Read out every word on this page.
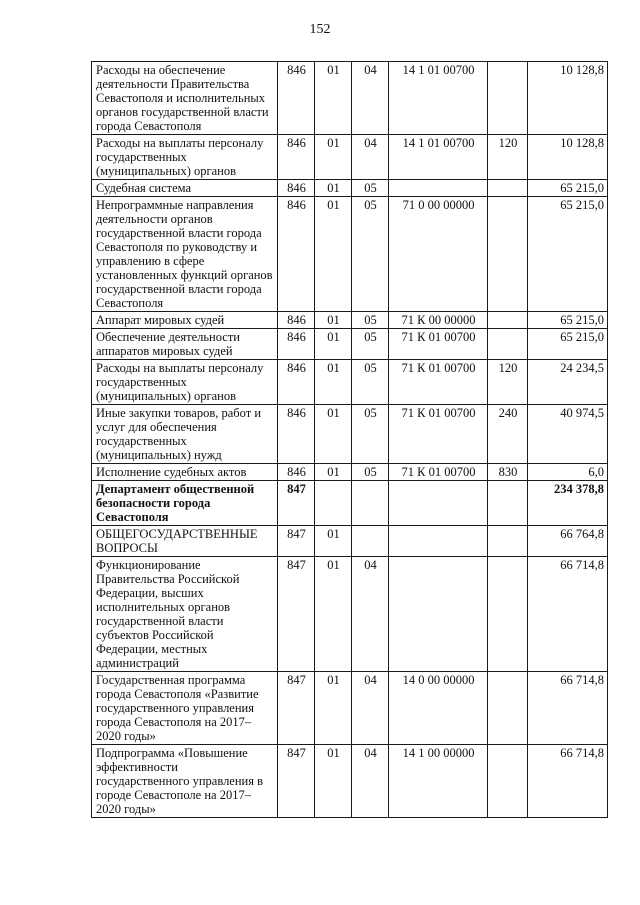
152
Расходы на обеспечение деятельности Правительства Севастополя и исполнительных органов государственной власти города Севастополя	846	01	04	14 1 01 00700		10 128,8
Расходы на выплаты персоналу государственных (муниципальных) органов	846	01	04	14 1 01 00700	120	10 128,8
Судебная система	846	01	05			65 215,0
Непрограммные направления деятельности органов государственной власти города Севастополя по руководству и управлению в сфере установленных функций органов государственной власти города Севастополя	846	01	05	71 0 00 00000		65 215,0
Аппарат мировых судей	846	01	05	71 К 00 00000		65 215,0
Обеспечение деятельности аппаратов мировых судей	846	01	05	71 К 01 00700		65 215,0
Расходы на выплаты персоналу государственных (муниципальных) органов	846	01	05	71 К 01 00700	120	24 234,5
Иные закупки товаров, работ и услуг для обеспечения государственных (муниципальных) нужд	846	01	05	71 К 01 00700	240	40 974,5
Исполнение судебных актов	846	01	05	71 К 01 00700	830	6,0
Департамент общественной безопасности города Севастополя	847					234 378,8
ОБЩЕГОСУДАРСТВЕННЫЕ ВОПРОСЫ	847	01				66 764,8
Функционирование Правительства Российской Федерации, высших исполнительных органов государственной власти субъектов Российской Федерации, местных администраций	847	01	04			66 714,8
Государственная программа города Севастополя «Развитие государственного управления города Севастополя на 2017–2020 годы»	847	01	04	14 0 00 00000		66 714,8
Подпрограмма «Повышение эффективности государственного управления в городе Севастополе на 2017–2020 годы»	847	01	04	14 1 00 00000		66 714,8
